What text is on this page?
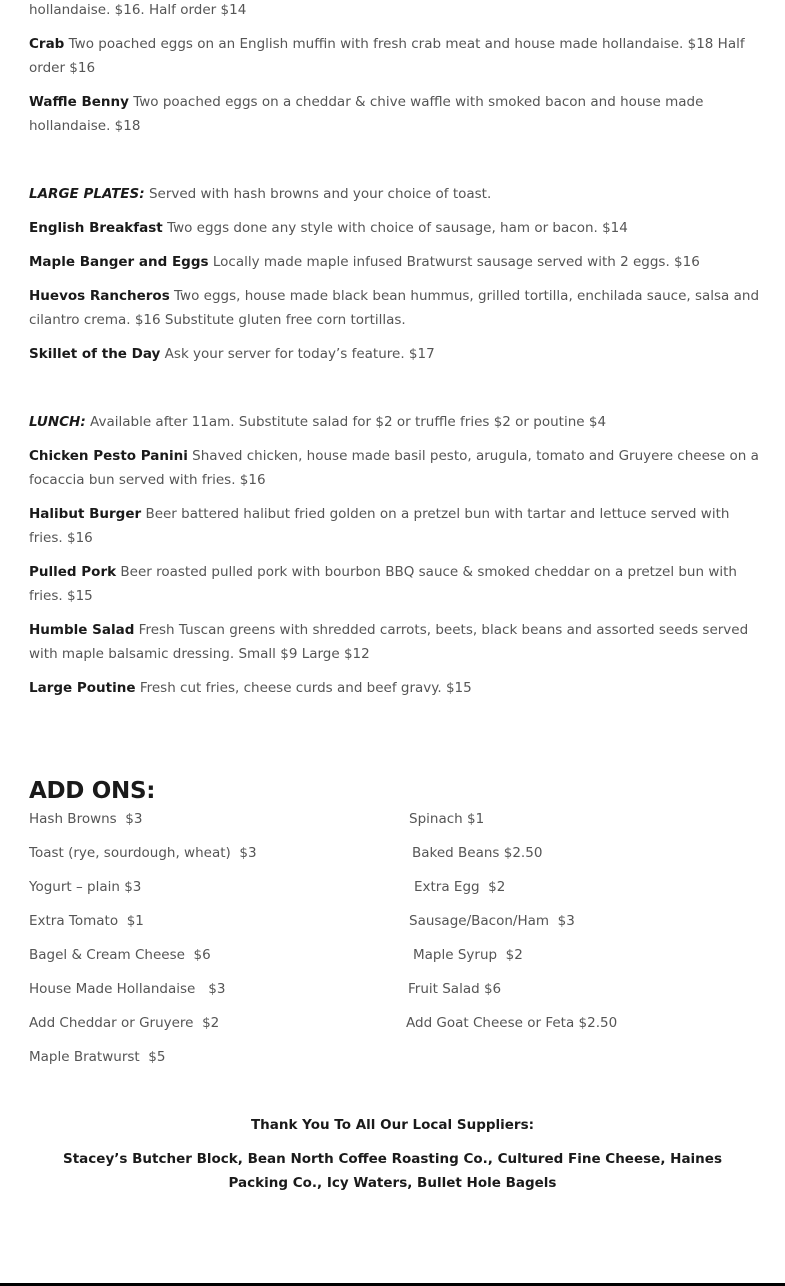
hollandaise. $16. Half order $14

Crab Two poached eggs on an English muffin with fresh crab meat and house made hollandaise. $18 Half order $16

Waffle Benny Two poached eggs on a cheddar & chive waffle with smoked bacon and house made hollandaise. $18

LARGE PLATES: Served with hash browns and your choice of toast.

English Breakfast Two eggs done any style with choice of sausage, ham or bacon. $14

Maple Banger and Eggs Locally made maple infused Bratwurst sausage served with 2 eggs. $16

Huevos Rancheros Two eggs, house made black bean hummus, grilled tortilla, enchilada sauce, salsa and cilantro crema. $16 Substitute gluten free corn tortillas.

Skillet of the Day Ask your server for today’s feature. $17

LUNCH: Available after 11am. Substitute salad for $2 or truffle fries $2 or poutine $4

Chicken Pesto Panini Shaved chicken, house made basil pesto, arugula, tomato and Gruyere cheese on a focaccia bun served with fries. $16

Halibut Burger Beer battered halibut fried golden on a pretzel bun with tartar and lettuce served with fries. $16

Pulled Pork Beer roasted pulled pork with bourbon BBQ sauce & smoked cheddar on a pretzel bun with fries. $15

Humble Salad Fresh Tuscan greens with shredded carrots, beets, black beans and assorted seeds served with maple balsamic dressing. Small $9 Large $12

Large Poutine Fresh cut fries, cheese curds and beef gravy. $15

ADD ONS:

Hash Browns  $3

Toast (rye, sourdough, wheat)  $3

Yogurt – plain $3

Extra Tomato  $1

Bagel & Cream Cheese  $6

House Made Hollandaise   $3

Add Cheddar or Gruyere  $2

Maple Bratwurst  $5

Spinach $1

Baked Beans $2.50

Extra Egg  $2

Sausage/Bacon/Ham  $3

Maple Syrup  $2

Fruit Salad $6

Add Goat Cheese or Feta $2.50

Thank You To All Our Local Suppliers:
Stacey’s Butcher Block, Bean North Coffee Roasting Co., Cultured Fine Cheese, Haines Packing Co., Icy Waters, Bullet Hole Bagels
